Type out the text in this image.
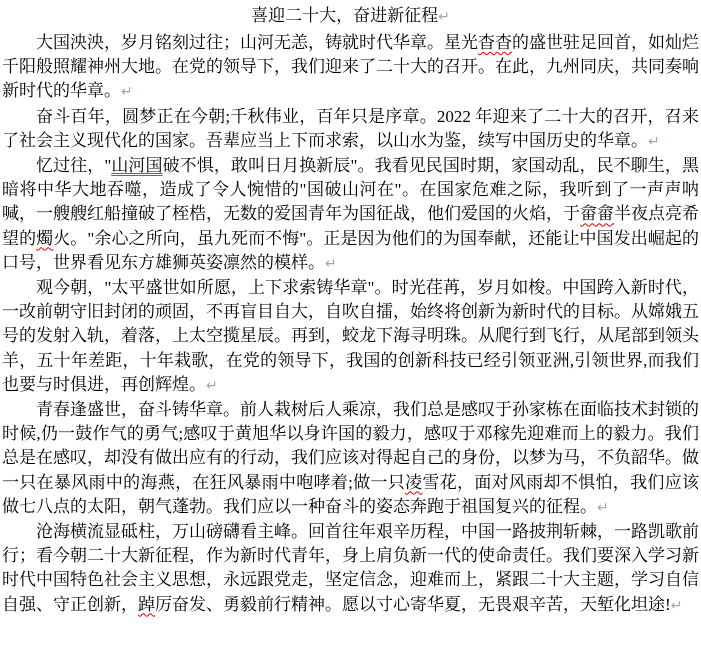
喜迎二十大，奋进新征程↵

大国泱泱，岁月铭刻过往；山河无恙，铸就时代华章。星光杳杳的盛世驻足回首，如灿烂千阳般照耀神州大地。在党的领导下，我们迎来了二十大的召开。在此，九州同庆，共同奏响新时代的华章。↵

奋斗百年，圆梦正在今朝;千秋伟业，百年只是序章。2022 年迎来了二十大的召开，召来了社会主义现代化的国家。吾辈应当上下而求索，以山水为鉴，续写中国历史的华章。↵

忆过往，"山河国破不惧，敢叫日月换新辰"。我看见民国时期，家国动乱，民不聊生，黑暗将中华大地吞噬，造成了令人惋惜的"国破山河在"。在国家危难之际，我听到了一声声呐喊，一艘艘红船撞破了桎梏，无数的爱国青年为国征战，他们爱国的火焰，于畲畲半夜点亮希望的燭火。"余心之所向，虽九死而不悔"。正是因为他们的为国奉献，还能让中国发出崛起的口号，世界看见东方雄狮英姿凛然的模样。↵

观今朝，"太平盛世如所愿，上下求索铸华章"。时光荏苒，岁月如梭。中国跨入新时代，一改前朝守旧封闭的顽固，不再盲目自大，自吹自擂，始终将创新为新时代的目标。从嫦娥五号的发射入轨，着落，上太空揽星辰。再到，蛟龙下海寻明珠。从爬行到飞行，从尾部到领头羊，五十年差距，十年栽歌，在党的领导下，我国的创新科技已经引领亚洲,引领世界,而我们也要与时俱进，再创辉煌。↵

青春逢盛世，奋斗铸华章。前人栽树后人乘凉，我们总是感叹于孙家栋在面临技术封锁的时候,仍一鼓作气的勇气;感叹于黄旭华以身许国的毅力，感叹于邓稼先迎难而上的毅力。我们总是在感叹，却没有做出应有的行动，我们应该对得起自己的身份，以梦为马，不负韶华。做一只在暴风雨中的海燕，在狂风暴雨中咆哮着;做一只凌雪花，面对风雨却不惧怕，我们应该做七八点的太阳，朝气蓬勃。我们应以一种奋斗的姿态奔跑于祖国复兴的征程。↵

沧海横流显砥柱，万山磅礴看主峰。回首往年艰辛历程，中国一路披荆斩棘，一路凯歌前行；看今朝二十大新征程，作为新时代青年，身上肩负新一代的使命责任。我们要深入学习新时代中国特色社会主义思想，永远跟党走，坚定信念，迎难而上，紧跟二十大主题，学习自信自强、守正创新，踔厉奋发、勇毅前行精神。愿以寸心寄华夏，无畏艰辛苦，天堑化坦途!↵
